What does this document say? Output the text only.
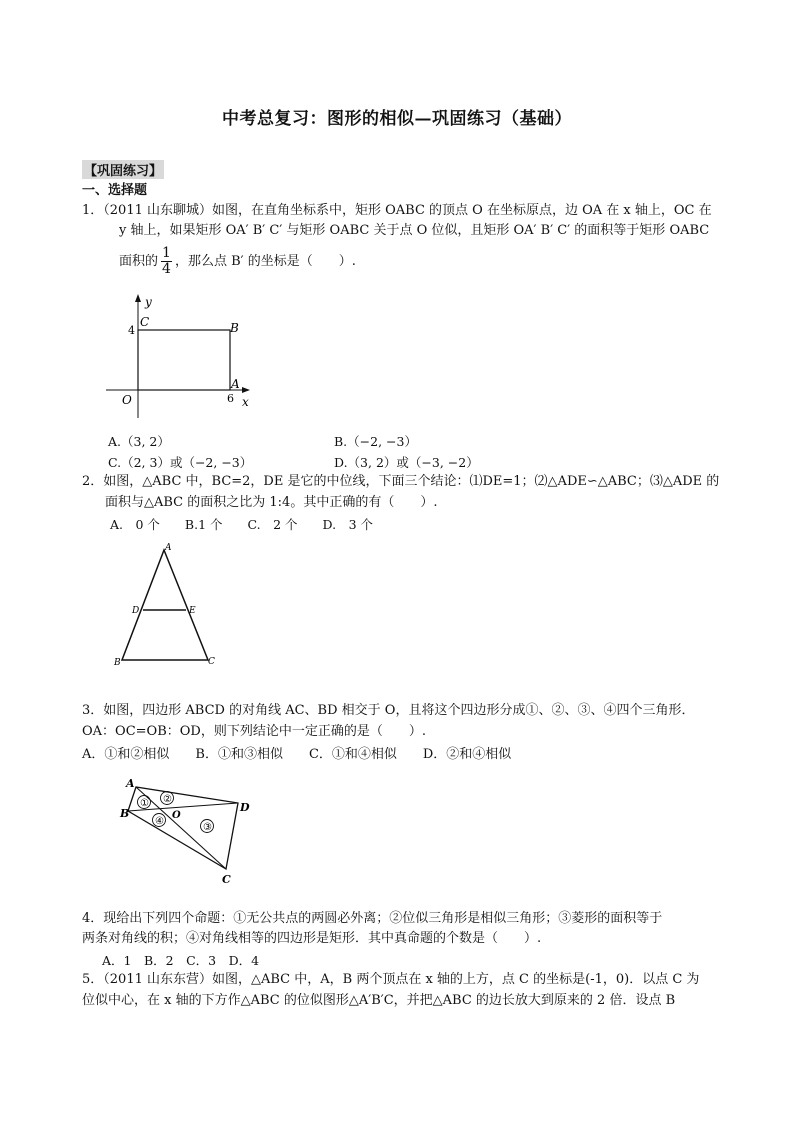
中考总复习：图形的相似—巩固练习（基础）
【巩固练习】
一、选择题
1．（2011 山东聊城）如图，在直角坐标系中，矩形 OABC 的顶点 O 在坐标原点，边 OA 在 x 轴上，OC 在
y 轴上，如果矩形 OA′ B′ C′ 与矩形 OABC 关于点 O 位似，且矩形 OA′ B′ C′ 的面积等于矩形 OABC
面积的 $\frac{1}{4}$ ，那么点 B′ 的坐标是（　　）.
y
x
O
C	B
A
4
6
A.（3, 2）	B.（−2, −3）
C.（2, 3）或（−2, −3）	D.（3, 2）或（−3, −2）
2．如图，△ABC 中，BC=2，DE 是它的中位线，下面三个结论：⑴DE=1；⑵△ADE∽△ABC；⑶△ADE 的
面积与△ABC 的面积之比为 1:4。其中正确的有（　　）.
A.　0 个　　B.1 个　　C.　2 个　　D.　3 个
A
B	C
D	E
3．如图，四边形 ABCD 的对角线 AC、BD 相交于 O，且将这个四边形分成①、②、③、④四个三角形．
OA：OC=OB：OD，则下列结论中一定正确的是（　　）.
A．①和②相似　　B．①和③相似　　C．①和④相似　　D．②和④相似
① ②
④
③
A
B
C
D
O
4．现给出下列四个命题：①无公共点的两圆必外离；②位似三角形是相似三角形；③菱形的面积等于
两条对角线的积；④对角线相等的四边形是矩形．其中真命题的个数是（　　）.
A．1　B．2　C．3　D．4
5．（2011 山东东营）如图，△ABC 中，A，B 两个顶点在 x 轴的上方，点 C 的坐标是(-1，0)．以点 C 为
位似中心，在 x 轴的下方作△ABC 的位似图形△A′B′C，并把△ABC 的边长放大到原来的 2 倍．设点 B
